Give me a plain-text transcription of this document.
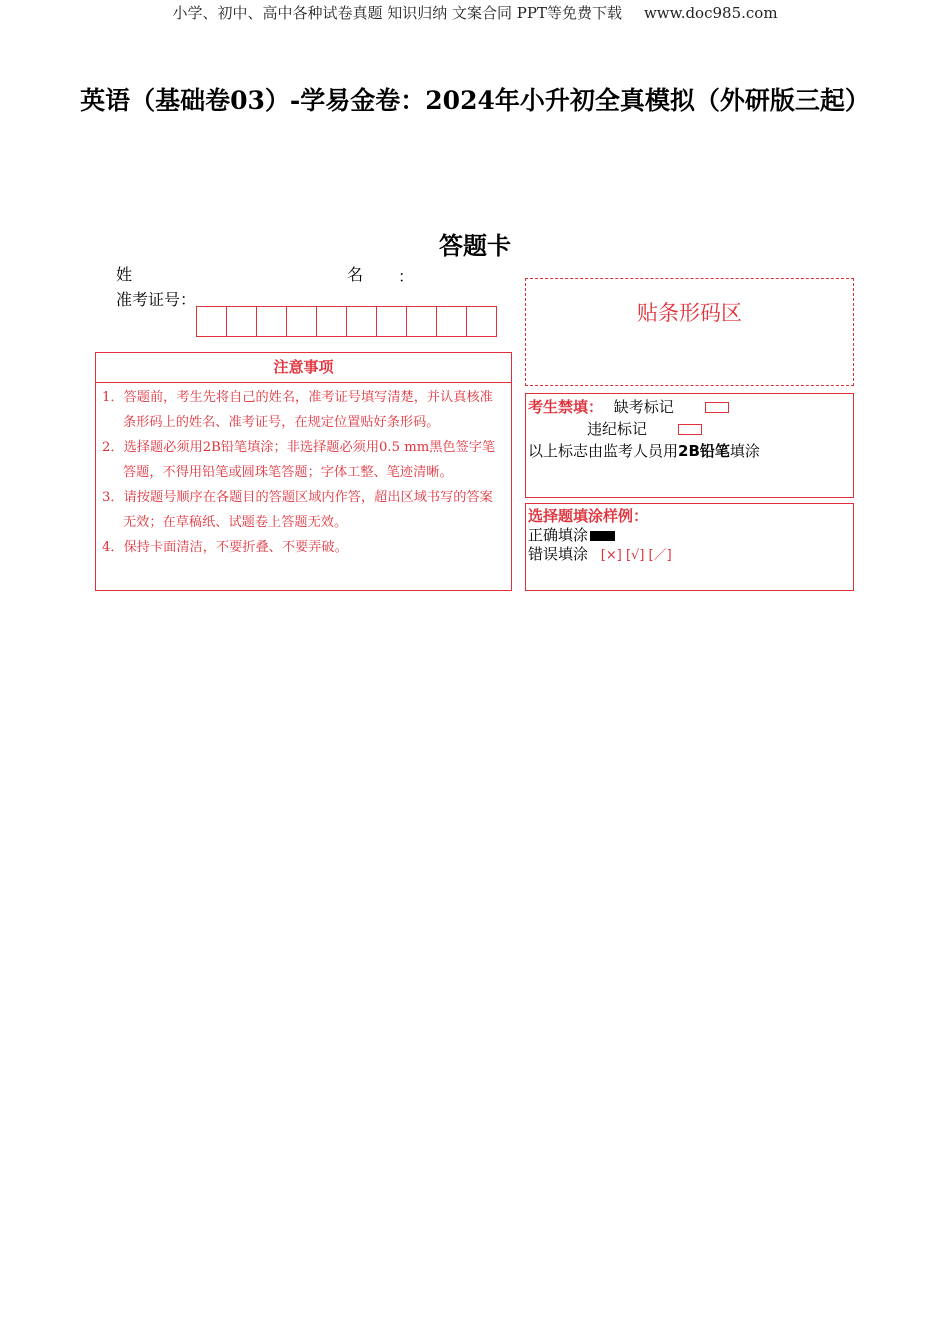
小学、初中、高中各种试卷真题 知识归纳 文案合同 PPT等免费下载 www.doc985.com
英语（基础卷03）-学易金卷：2024年小升初全真模拟（外研版三起）
答题卡
姓	名 ：
准考证号：
注意事项

1．答题前，考生先将自己的姓名，准考证号填写清楚，并认真核准条形码上的姓名、准考证号，在规定位置贴好条形码。

2．选择题必须用2B铅笔填涂；非选择题必须用0.5 mm黑色签字笔答题，不得用铅笔或圆珠笔答题；字体工整、笔迹清晰。

3．请按题号顺序在各题目的答题区域内作答，超出区域书写的答案无效；在草稿纸、试题卷上答题无效。

4．保持卡面清洁，不要折叠、不要弄破。

贴条形码区
考生禁填： 缺考标记
违纪标记
以上标志由监考人员用2B铅笔填涂
选择题填涂样例：
正确填涂
错误填涂 [×] [√] [／]
